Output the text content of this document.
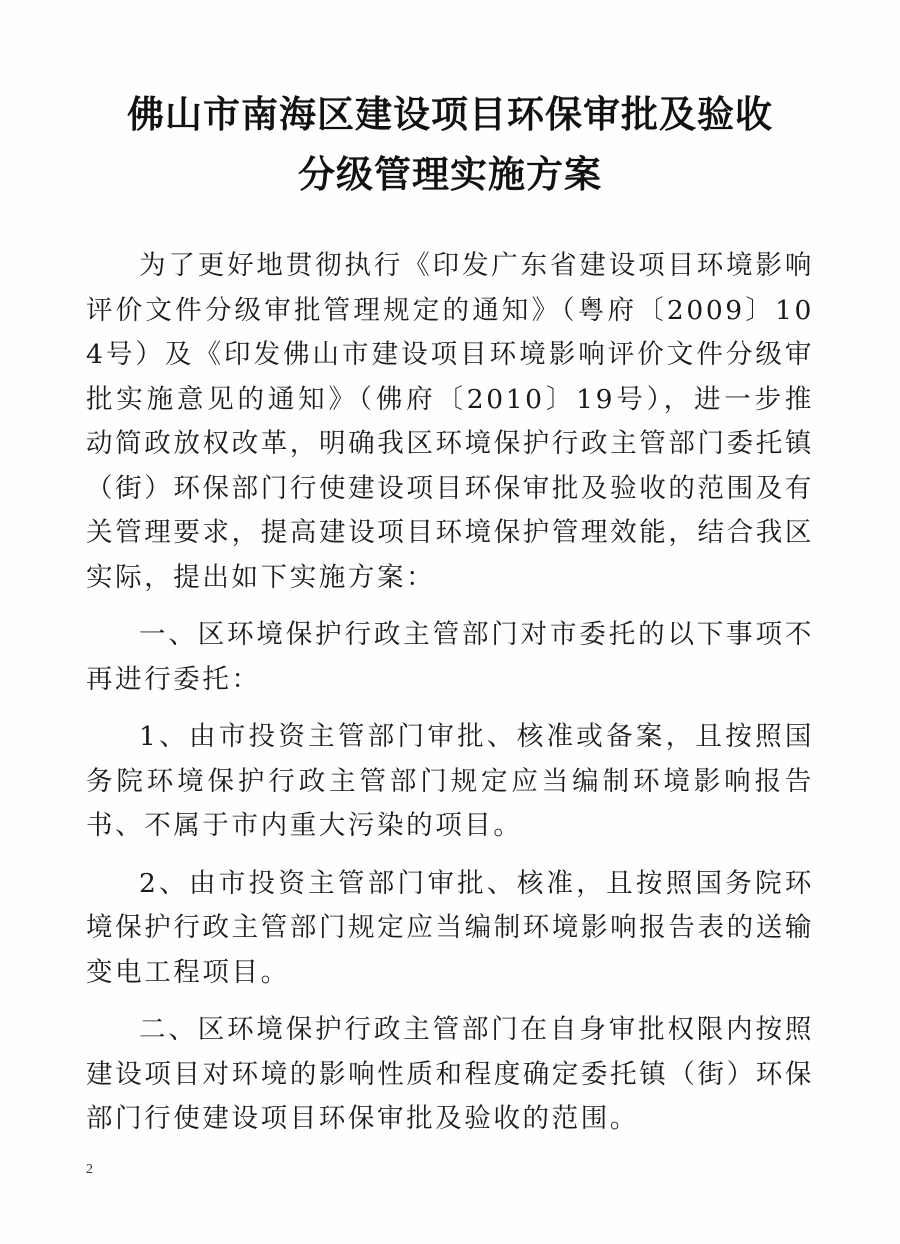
佛山市南海区建设项目环保审批及验收
分级管理实施方案

为了更好地贯彻执行《印发广东省建设项目环境影响评价文件分级审批管理规定的通知》（粤府〔2009〕104号）及《印发佛山市建设项目环境影响评价文件分级审批实施意见的通知》（佛府〔2010〕19号），进一步推动简政放权改革，明确我区环境保护行政主管部门委托镇（街）环保部门行使建设项目环保审批及验收的范围及有关管理要求，提高建设项目环境保护管理效能，结合我区实际，提出如下实施方案：

一、区环境保护行政主管部门对市委托的以下事项不再进行委托：

1、由市投资主管部门审批、核准或备案，且按照国务院环境保护行政主管部门规定应当编制环境影响报告书、不属于市内重大污染的项目。

2、由市投资主管部门审批、核准，且按照国务院环境保护行政主管部门规定应当编制环境影响报告表的送输变电工程项目。

二、区环境保护行政主管部门在自身审批权限内按照建设项目对环境的影响性质和程度确定委托镇（街）环保部门行使建设项目环保审批及验收的范围。

2
